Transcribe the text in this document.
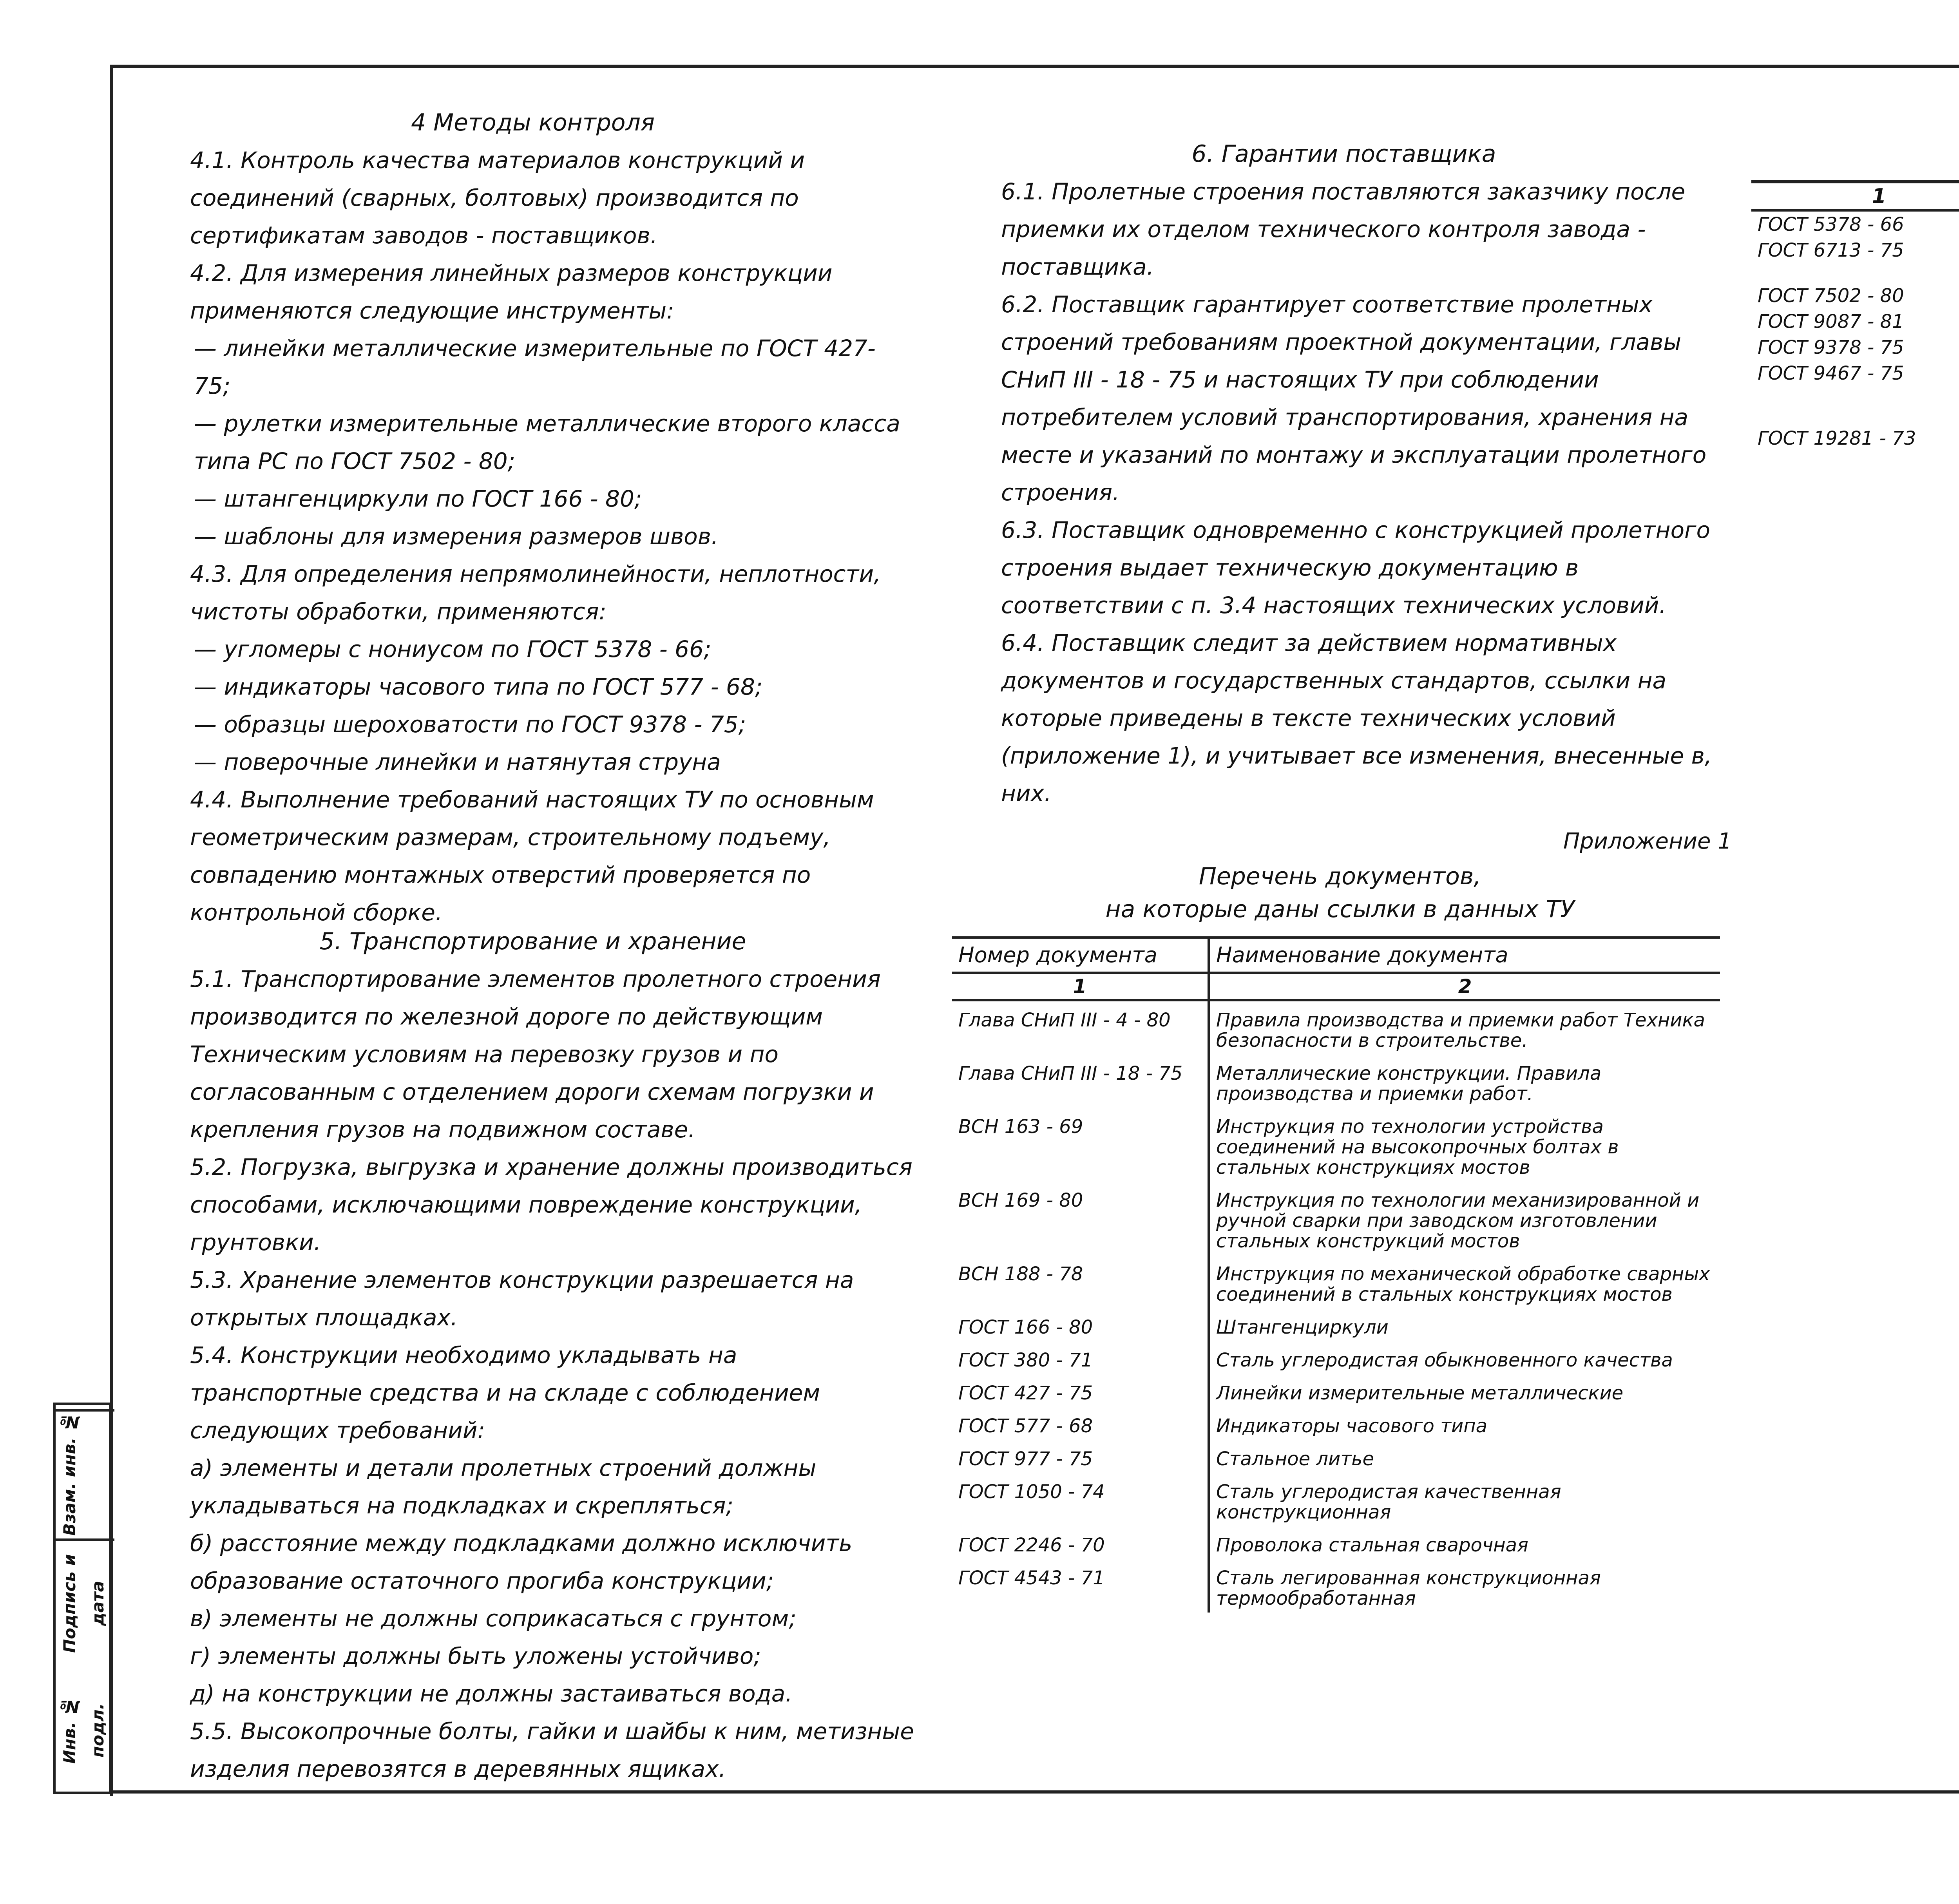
4 Методы контроля

4.1. Контроль качества материалов конструкций и соединений (сварных, болтовых) производится по сертификатам заводов - поставщиков.

4.2. Для измерения линейных размеров конструкции применяются следующие инструменты:

— линейки металлические измерительные по ГОСТ 427- 75;

— рулетки измерительные металлические второго класса типа РС по ГОСТ 7502 - 80;

— штангенциркули по ГОСТ 166 - 80;

— шаблоны для измерения размеров швов.

4.3. Для определения непрямолинейности, неплотности, чистоты обработки, применяются:

— угломеры с нониусом по ГОСТ 5378 - 66;

— индикаторы часового типа по ГОСТ 577 - 68;

— образцы шероховатости по ГОСТ 9378 - 75;

— поверочные линейки и натянутая струна

4.4. Выполнение требований настоящих ТУ по основным геометрическим размерам, строительному подъему, совпадению монтажных отверстий проверяется по контрольной сборке.

5. Транспортирование и хранение

5.1. Транспортирование элементов пролетного строения производится по железной дороге по действующим Техническим условиям на перевозку грузов и по согласованным с отделением дороги схемам погрузки и крепления грузов на подвижном составе.

5.2. Погрузка, выгрузка и хранение должны производиться способами, исключающими повреждение конструкции, грунтовки.

5.3. Хранение элементов конструкции разрешается на открытых площадках.

5.4. Конструкции необходимо укладывать на транспортные средства и на складе с соблюдением следующих требований:

а) элементы и детали пролетных строений должны укладываться на подкладках и скрепляться;

б) расстояние между подкладками должно исключить образование остаточного прогиба конструкции;

в) элементы не должны соприкасаться с грунтом;

г) элементы должны быть уложены устойчиво;

д) на конструкции не должны застаиваться вода.

5.5. Высокопрочные болты, гайки и шайбы к ним, метизные изделия перевозятся в деревянных ящиках.

6. Гарантии поставщика

6.1. Пролетные строения поставляются заказчику после приемки их отделом технического контроля завода - поставщика.

6.2. Поставщик гарантирует соответствие пролетных строений требованиям проектной документации, главы СНиП III - 18 - 75 и настоящих ТУ при соблюдении потребителем условий транспортирования, хранения на месте и указаний по монтажу и эксплуатации пролетного строения.

6.3. Поставщик одновременно с конструкцией пролетного строения выдает техническую документацию в соответствии с п. 3.4 настоящих технических условий.

6.4. Поставщик следит за действием нормативных документов и государственных стандартов, ссылки на которые приведены в тексте технических условий (приложение 1), и учитывает все изменения, внесенные в, них.

Приложение 1
Перечень документов,
на которые даны ссылки в данных ТУ
Номер документа	Наименование документа
1	2
Глава СНиП III - 4 - 80	Правила производства и приемки работ Техника безопасности в строительстве.
Глава СНиП III - 18 - 75	Металлические конструкции. Правила производства и приемки работ.
ВСН 163 - 69	Инструкция по технологии устройства соединений на высокопрочных болтах в стальных конструкциях мостов
ВСН 169 - 80	Инструкция по технологии механизированной и ручной сварки при заводском изготовлении стальных конструкций мостов
ВСН 188 - 78	Инструкция по механической обработке сварных соединений в стальных конструкциях мостов
ГОСТ 166 - 80	Штангенциркули
ГОСТ 380 - 71	Сталь углеродистая обыкновенного качества
ГОСТ 427 - 75	Линейки измерительные металлические
ГОСТ 577 - 68	Индикаторы часового типа
ГОСТ 977 - 75	Стальное литье
ГОСТ 1050 - 74	Сталь углеродистая качественная конструкционная
ГОСТ 2246 - 70	Проволока стальная сварочная
ГОСТ 4543 - 71	Сталь легированная конструкционная термообработанная
1	
ГОСТ 5378 - 66	
ГОСТ 6713 - 75	
ГОСТ 7502 - 80	
ГОСТ 9087 - 81	
ГОСТ 9378 - 75	
ГОСТ 9467 - 75	
ГОСТ 19281 - 73	
Инв. № подл.
Подпись и дата
Взам. инв. №
